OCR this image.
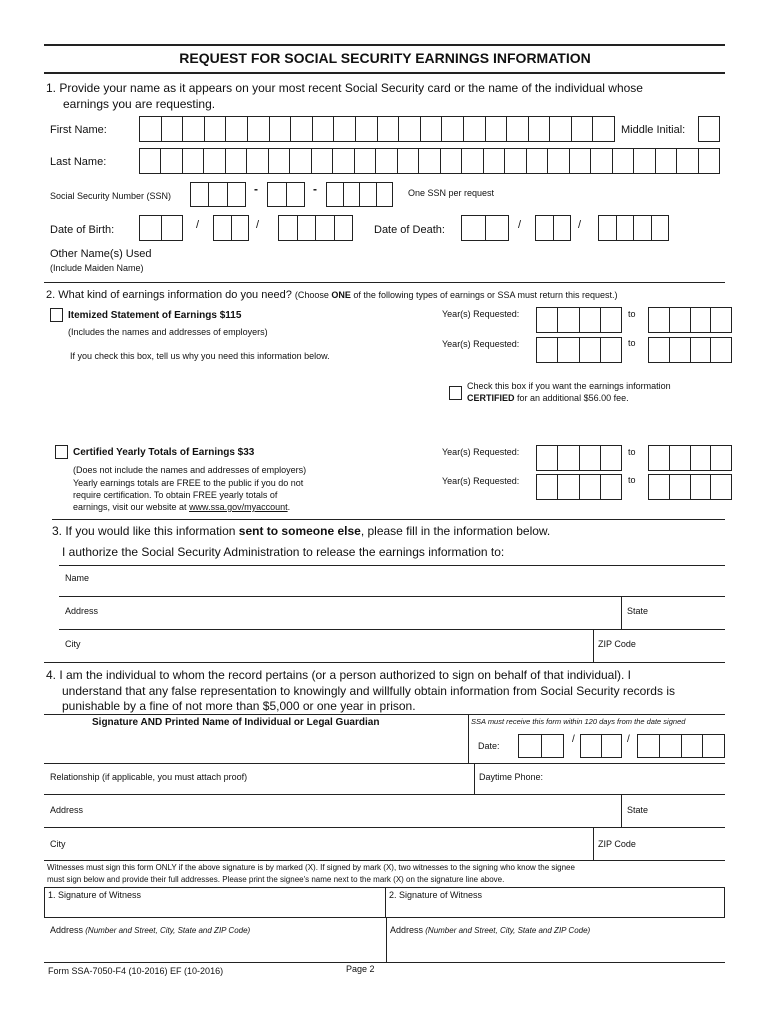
REQUEST FOR SOCIAL SECURITY EARNINGS INFORMATION
1. Provide your name as it appears on your most recent Social Security card or the name of the individual whose
earnings you are requesting.
First Name:	Middle Initial:
Last Name:
Social Security Number (SSN)	-	-	One SSN per request
Date of Birth:	/	/	Date of Death:	/	/
Other Name(s) Used
(Include Maiden Name)
2. What kind of earnings information do you need? (Choose ONE of the following types of earnings or SSA must return this request.)
Itemized Statement of Earnings $115
(Includes the names and addresses of employers)
If you check this box, tell us why you need this information below.
Year(s) Requested:	to
Year(s) Requested:	to
Check this box if you want the earnings information
CERTIFIED for an additional $56.00 fee.
Certified Yearly Totals of Earnings $33
(Does not include the names and addresses of employers)
Yearly earnings totals are FREE to the public if you do not
require certification. To obtain FREE yearly totals of
earnings, visit our website at www.ssa.gov/myaccount.
Year(s) Requested:	to
Year(s) Requested:	to
3. If you would like this information sent to someone else, please fill in the information below.
I authorize the Social Security Administration to release the earnings information to:
Name
Address	State
City	ZIP Code
4. I am the individual to whom the record pertains (or a person authorized to sign on behalf of that individual). I
understand that any false representation to knowingly and willfully obtain information from Social Security records is
punishable by a fine of not more than $5,000 or one year in prison.
Signature AND Printed Name of Individual or Legal Guardian	SSA must receive this form within 120 days from the date signed
Date:
/	/
Relationship (if applicable, you must attach proof)	Daytime Phone:
Address	State
City	ZIP Code
Witnesses must sign this form ONLY if the above signature is by marked (X). If signed by mark (X), two witnesses to the signing who know the signee
must sign below and provide their full addresses. Please print the signee's name next to the mark (X) on the signature line above.
1. Signature of Witness	2. Signature of Witness
Address (Number and Street, City, State and ZIP Code)	Address (Number and Street, City, State and ZIP Code)
Form SSA-7050-F4 (10-2016) EF (10-2016)	Page 2
